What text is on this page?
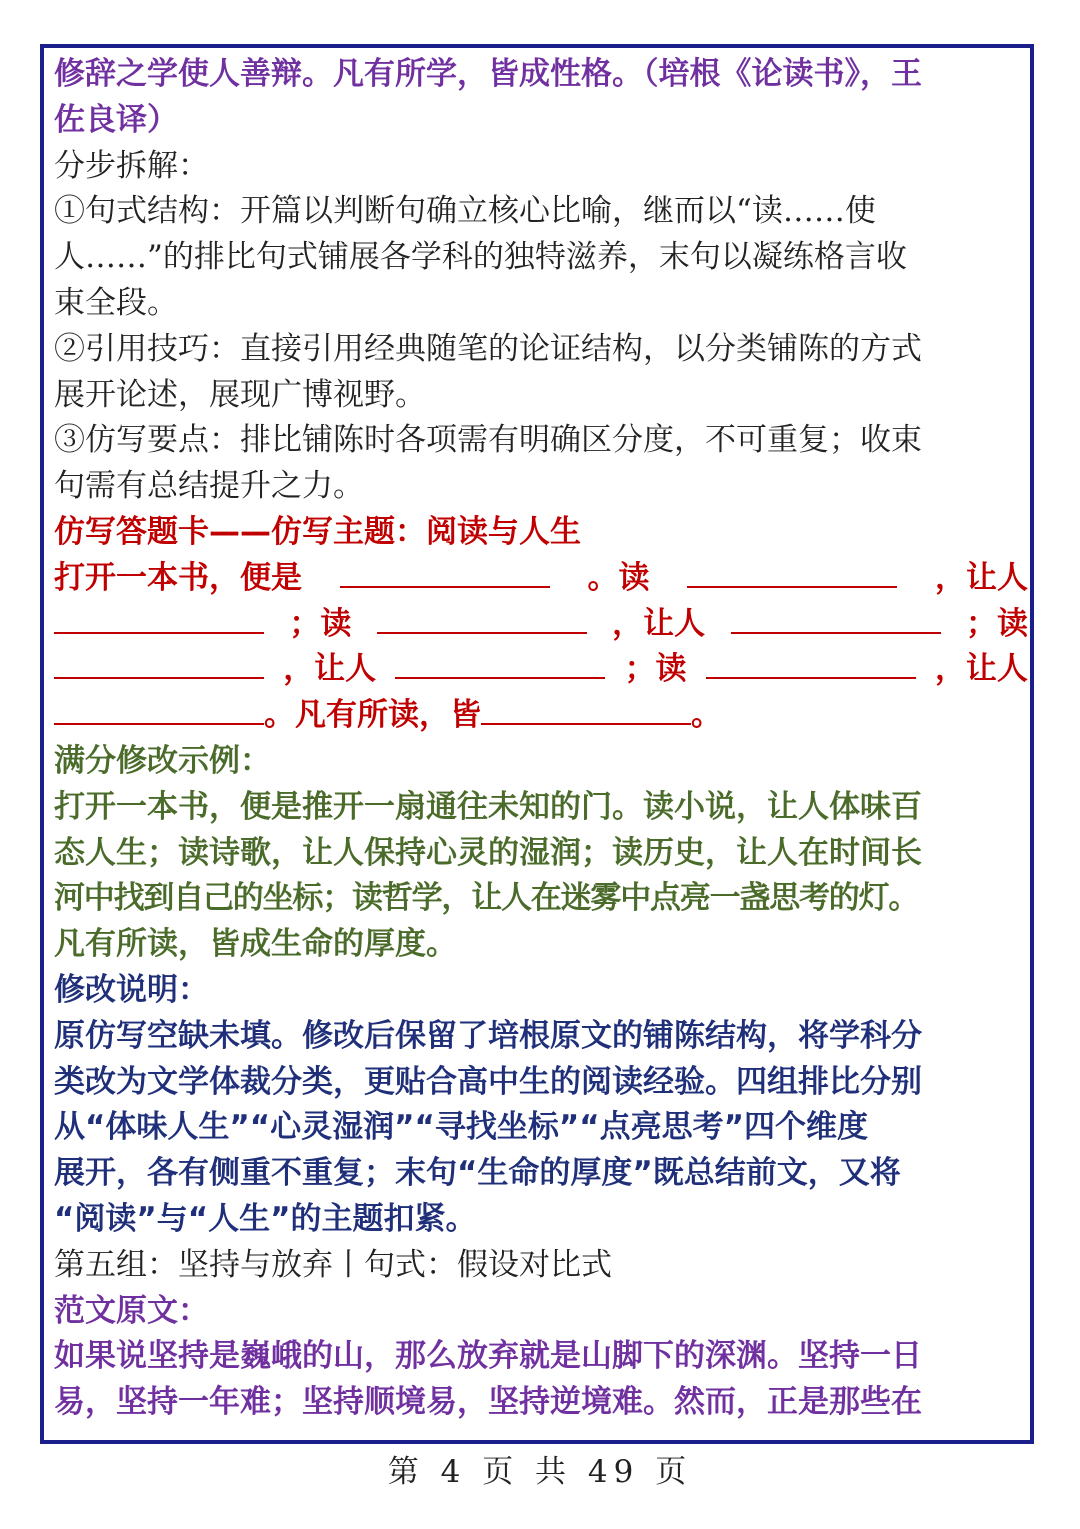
修辞之学使人善辩。凡有所学，皆成性格。（培根《论读书》，王
佐良译）
分步拆解：
①句式结构：开篇以判断句确立核心比喻，继而以“读……使
人……”的排比句式铺展各学科的独特滋养，末句以凝练格言收
束全段。
②引用技巧：直接引用经典随笔的论证结构，以分类铺陈的方式
展开论述，展现广博视野。
③仿写要点：排比铺陈时各项需有明确区分度，不可重复；收束
句需有总结提升之力。
仿写答题卡——仿写主题：阅读与人生
打开一本书，便是	。读	，让人
；读	，让人	；读
，让人	；读	，让人
。凡有所读，皆	。
满分修改示例：
打开一本书，便是推开一扇通往未知的门。读小说，让人体味百
态人生；读诗歌，让人保持心灵的湿润；读历史，让人在时间长
河中找到自己的坐标；读哲学，让人在迷雾中点亮一盏思考的灯。
凡有所读，皆成生命的厚度。
修改说明：
原仿写空缺未填。修改后保留了培根原文的铺陈结构，将学科分
类改为文学体裁分类，更贴合高中生的阅读经验。四组排比分别
从“体味人生”“心灵湿润”“寻找坐标”“点亮思考”四个维度
展开，各有侧重不重复；末句“生命的厚度”既总结前文，又将
“阅读”与“人生”的主题扣紧。
第五组：坚持与放弃丨句式：假设对比式
范文原文：
如果说坚持是巍峨的山，那么放弃就是山脚下的深渊。坚持一日
易，坚持一年难；坚持顺境易，坚持逆境难。然而，正是那些在
第 4 页 共 49 页
